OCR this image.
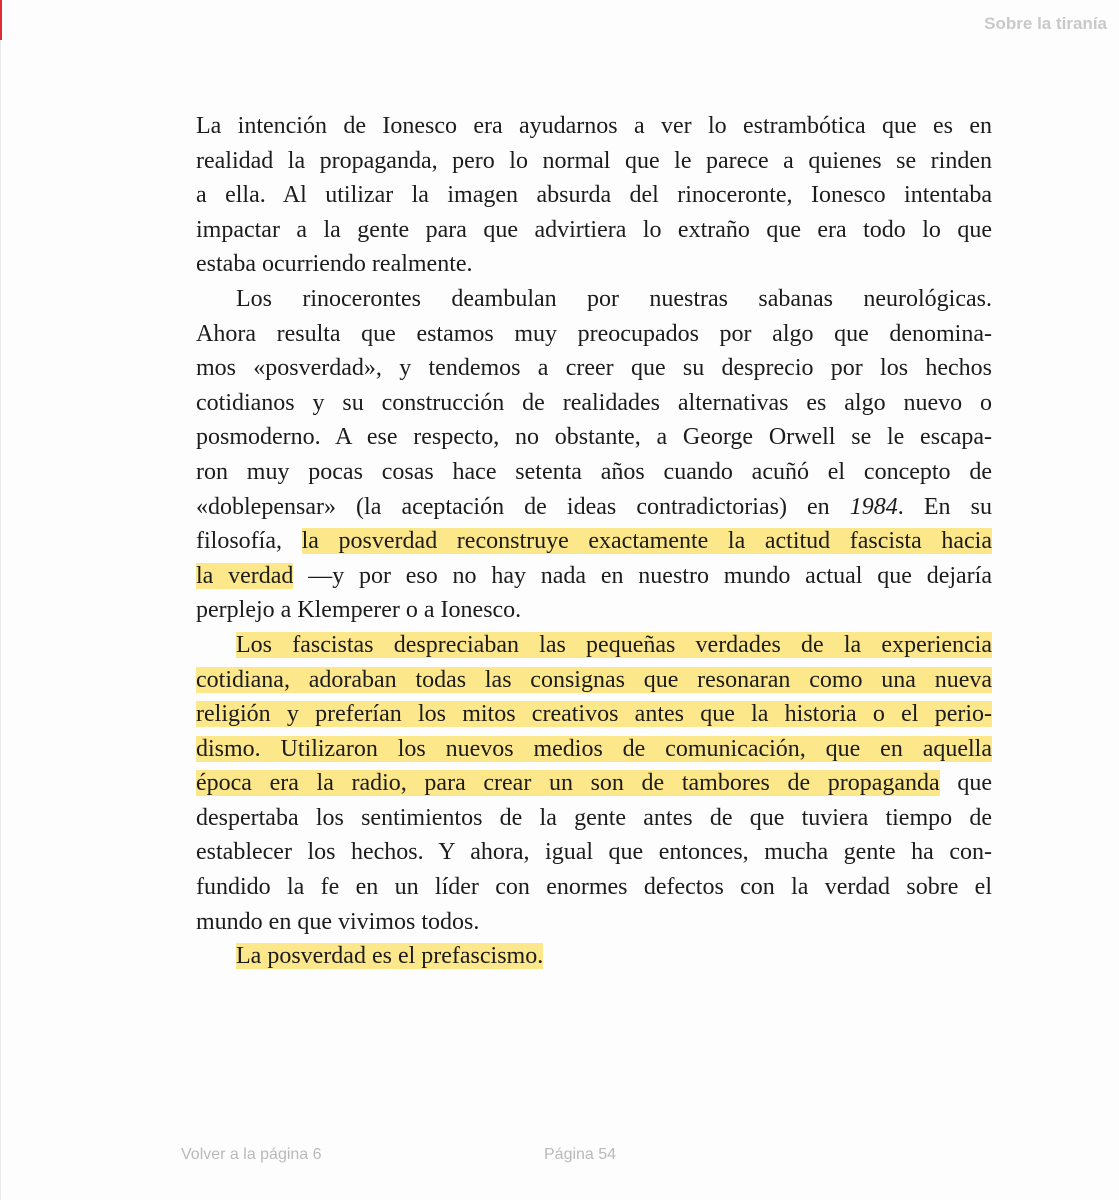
Sobre la tiranía
La intención de Ionesco era ayudarnos a ver lo estrambótica que es en
realidad la propaganda, pero lo normal que le parece a quienes se rinden
a ella. Al utilizar la imagen absurda del rinoceronte, Ionesco intentaba
impactar a la gente para que advirtiera lo extraño que era todo lo que
estaba ocurriendo realmente.
Los rinocerontes deambulan por nuestras sabanas neurológicas.
Ahora resulta que estamos muy preocupados por algo que denomina-
mos «posverdad», y tendemos a creer que su desprecio por los hechos
cotidianos y su construcción de realidades alternativas es algo nuevo o
posmoderno. A ese respecto, no obstante, a George Orwell se le escapa-
ron muy pocas cosas hace setenta años cuando acuñó el concepto de
«doblepensar» (la aceptación de ideas contradictorias) en 1984. En su
filosofía, la posverdad reconstruye exactamente la actitud fascista hacia
la verdad —y por eso no hay nada en nuestro mundo actual que dejaría
perplejo a Klemperer o a Ionesco.
Los fascistas despreciaban las pequeñas verdades de la experiencia
cotidiana, adoraban todas las consignas que resonaran como una nueva
religión y preferían los mitos creativos antes que la historia o el perio-
dismo. Utilizaron los nuevos medios de comunicación, que en aquella
época era la radio, para crear un son de tambores de propaganda que
despertaba los sentimientos de la gente antes de que tuviera tiempo de
establecer los hechos. Y ahora, igual que entonces, mucha gente ha con-
fundido la fe en un líder con enormes defectos con la verdad sobre el
mundo en que vivimos todos.
La posverdad es el prefascismo.
Volver a la página 6	Página 54
